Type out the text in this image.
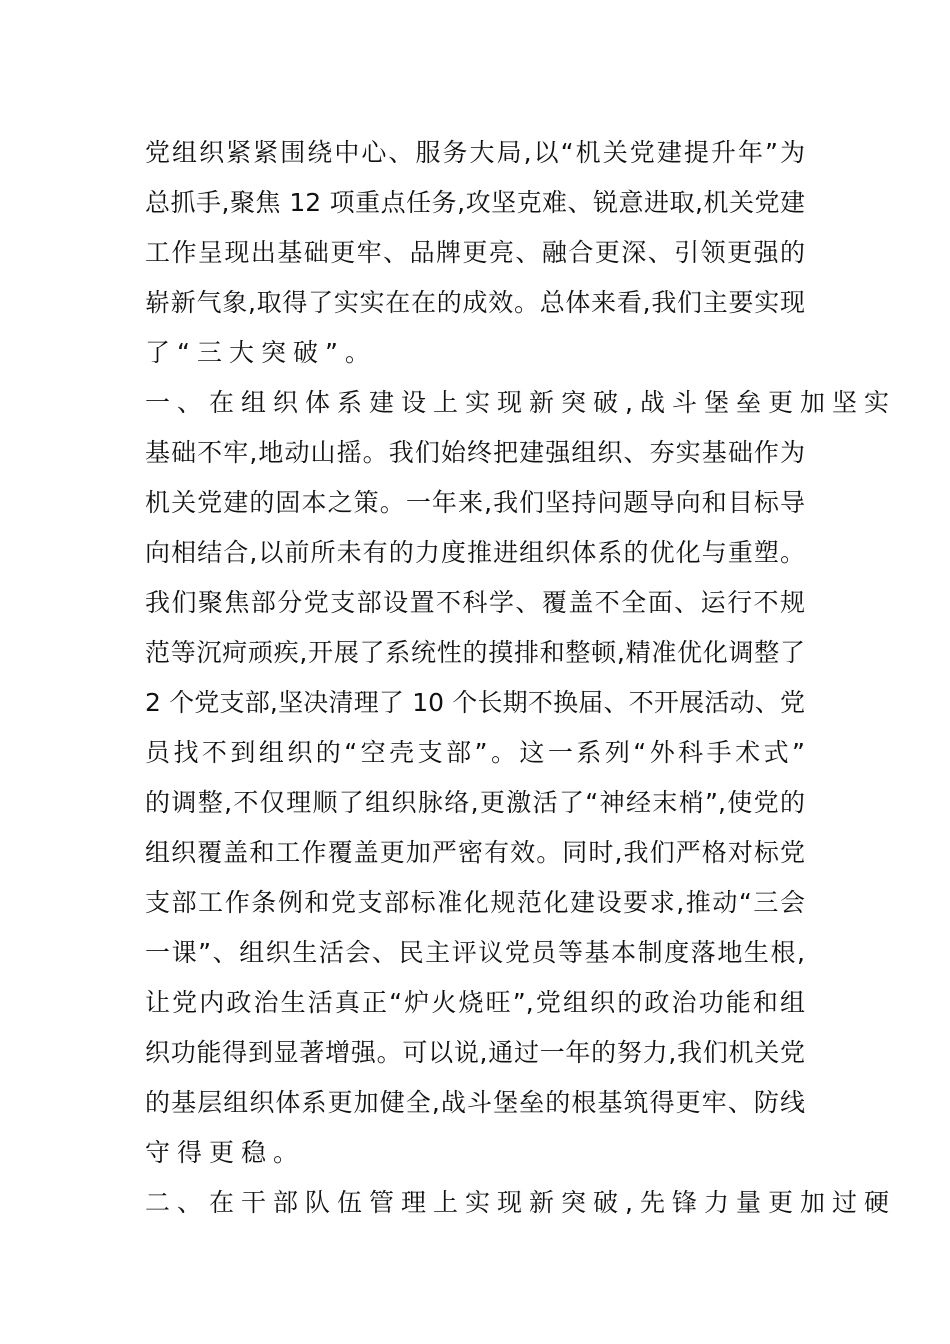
党组织紧紧围绕中心、服务大局,以“机关党建提升年”为
总抓手,聚焦 12 项重点任务,攻坚克难、锐意进取,机关党建
工作呈现出基础更牢、品牌更亮、融合更深、引领更强的
崭新气象,取得了实实在在的成效。总体来看,我们主要实现
了“三大突破”。
一、在组织体系建设上实现新突破,战斗堡垒更加坚实
基础不牢,地动山摇。我们始终把建强组织、夯实基础作为
机关党建的固本之策。一年来,我们坚持问题导向和目标导
向相结合,以前所未有的力度推进组织体系的优化与重塑。
我们聚焦部分党支部设置不科学、覆盖不全面、运行不规
范等沉疴顽疾,开展了系统性的摸排和整顿,精准优化调整了
2 个党支部,坚决清理了 10 个长期不换届、不开展活动、党
员找不到组织的“空壳支部”。这一系列“外科手术式”
的调整,不仅理顺了组织脉络,更激活了“神经末梢”,使党的
组织覆盖和工作覆盖更加严密有效。同时,我们严格对标党
支部工作条例和党支部标准化规范化建设要求,推动“三会
一课”、组织生活会、民主评议党员等基本制度落地生根,
让党内政治生活真正“炉火烧旺”,党组织的政治功能和组
织功能得到显著增强。可以说,通过一年的努力,我们机关党
的基层组织体系更加健全,战斗堡垒的根基筑得更牢、防线
守得更稳。
二、在干部队伍管理上实现新突破,先锋力量更加过硬
